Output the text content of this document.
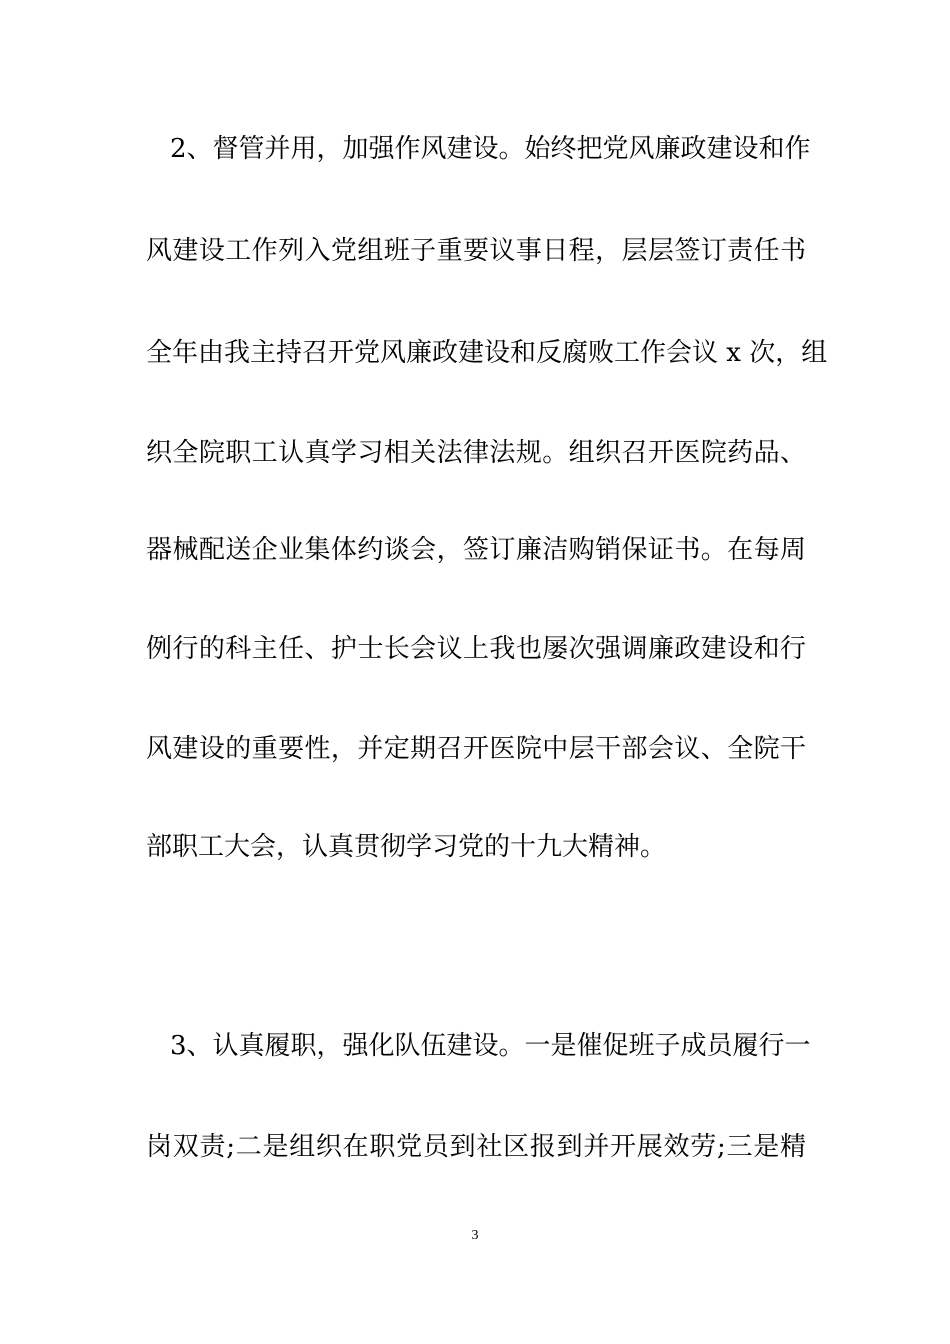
2、督管并用，加强作风建设。始终把党风廉政建设和作
风建设工作列入党组班子重要议事日程，层层签订责任书
全年由我主持召开党风廉政建设和反腐败工作会议 x 次，组
织全院职工认真学习相关法律法规。组织召开医院药品、
器械配送企业集体约谈会，签订廉洁购销保证书。在每周
例行的科主任、护士长会议上我也屡次强调廉政建设和行
风建设的重要性，并定期召开医院中层干部会议、全院干
部职工大会，认真贯彻学习党的十九大精神。
3、认真履职，强化队伍建设。一是催促班子成员履行一
岗双责;二是组织在职党员到社区报到并开展效劳;三是精
3
